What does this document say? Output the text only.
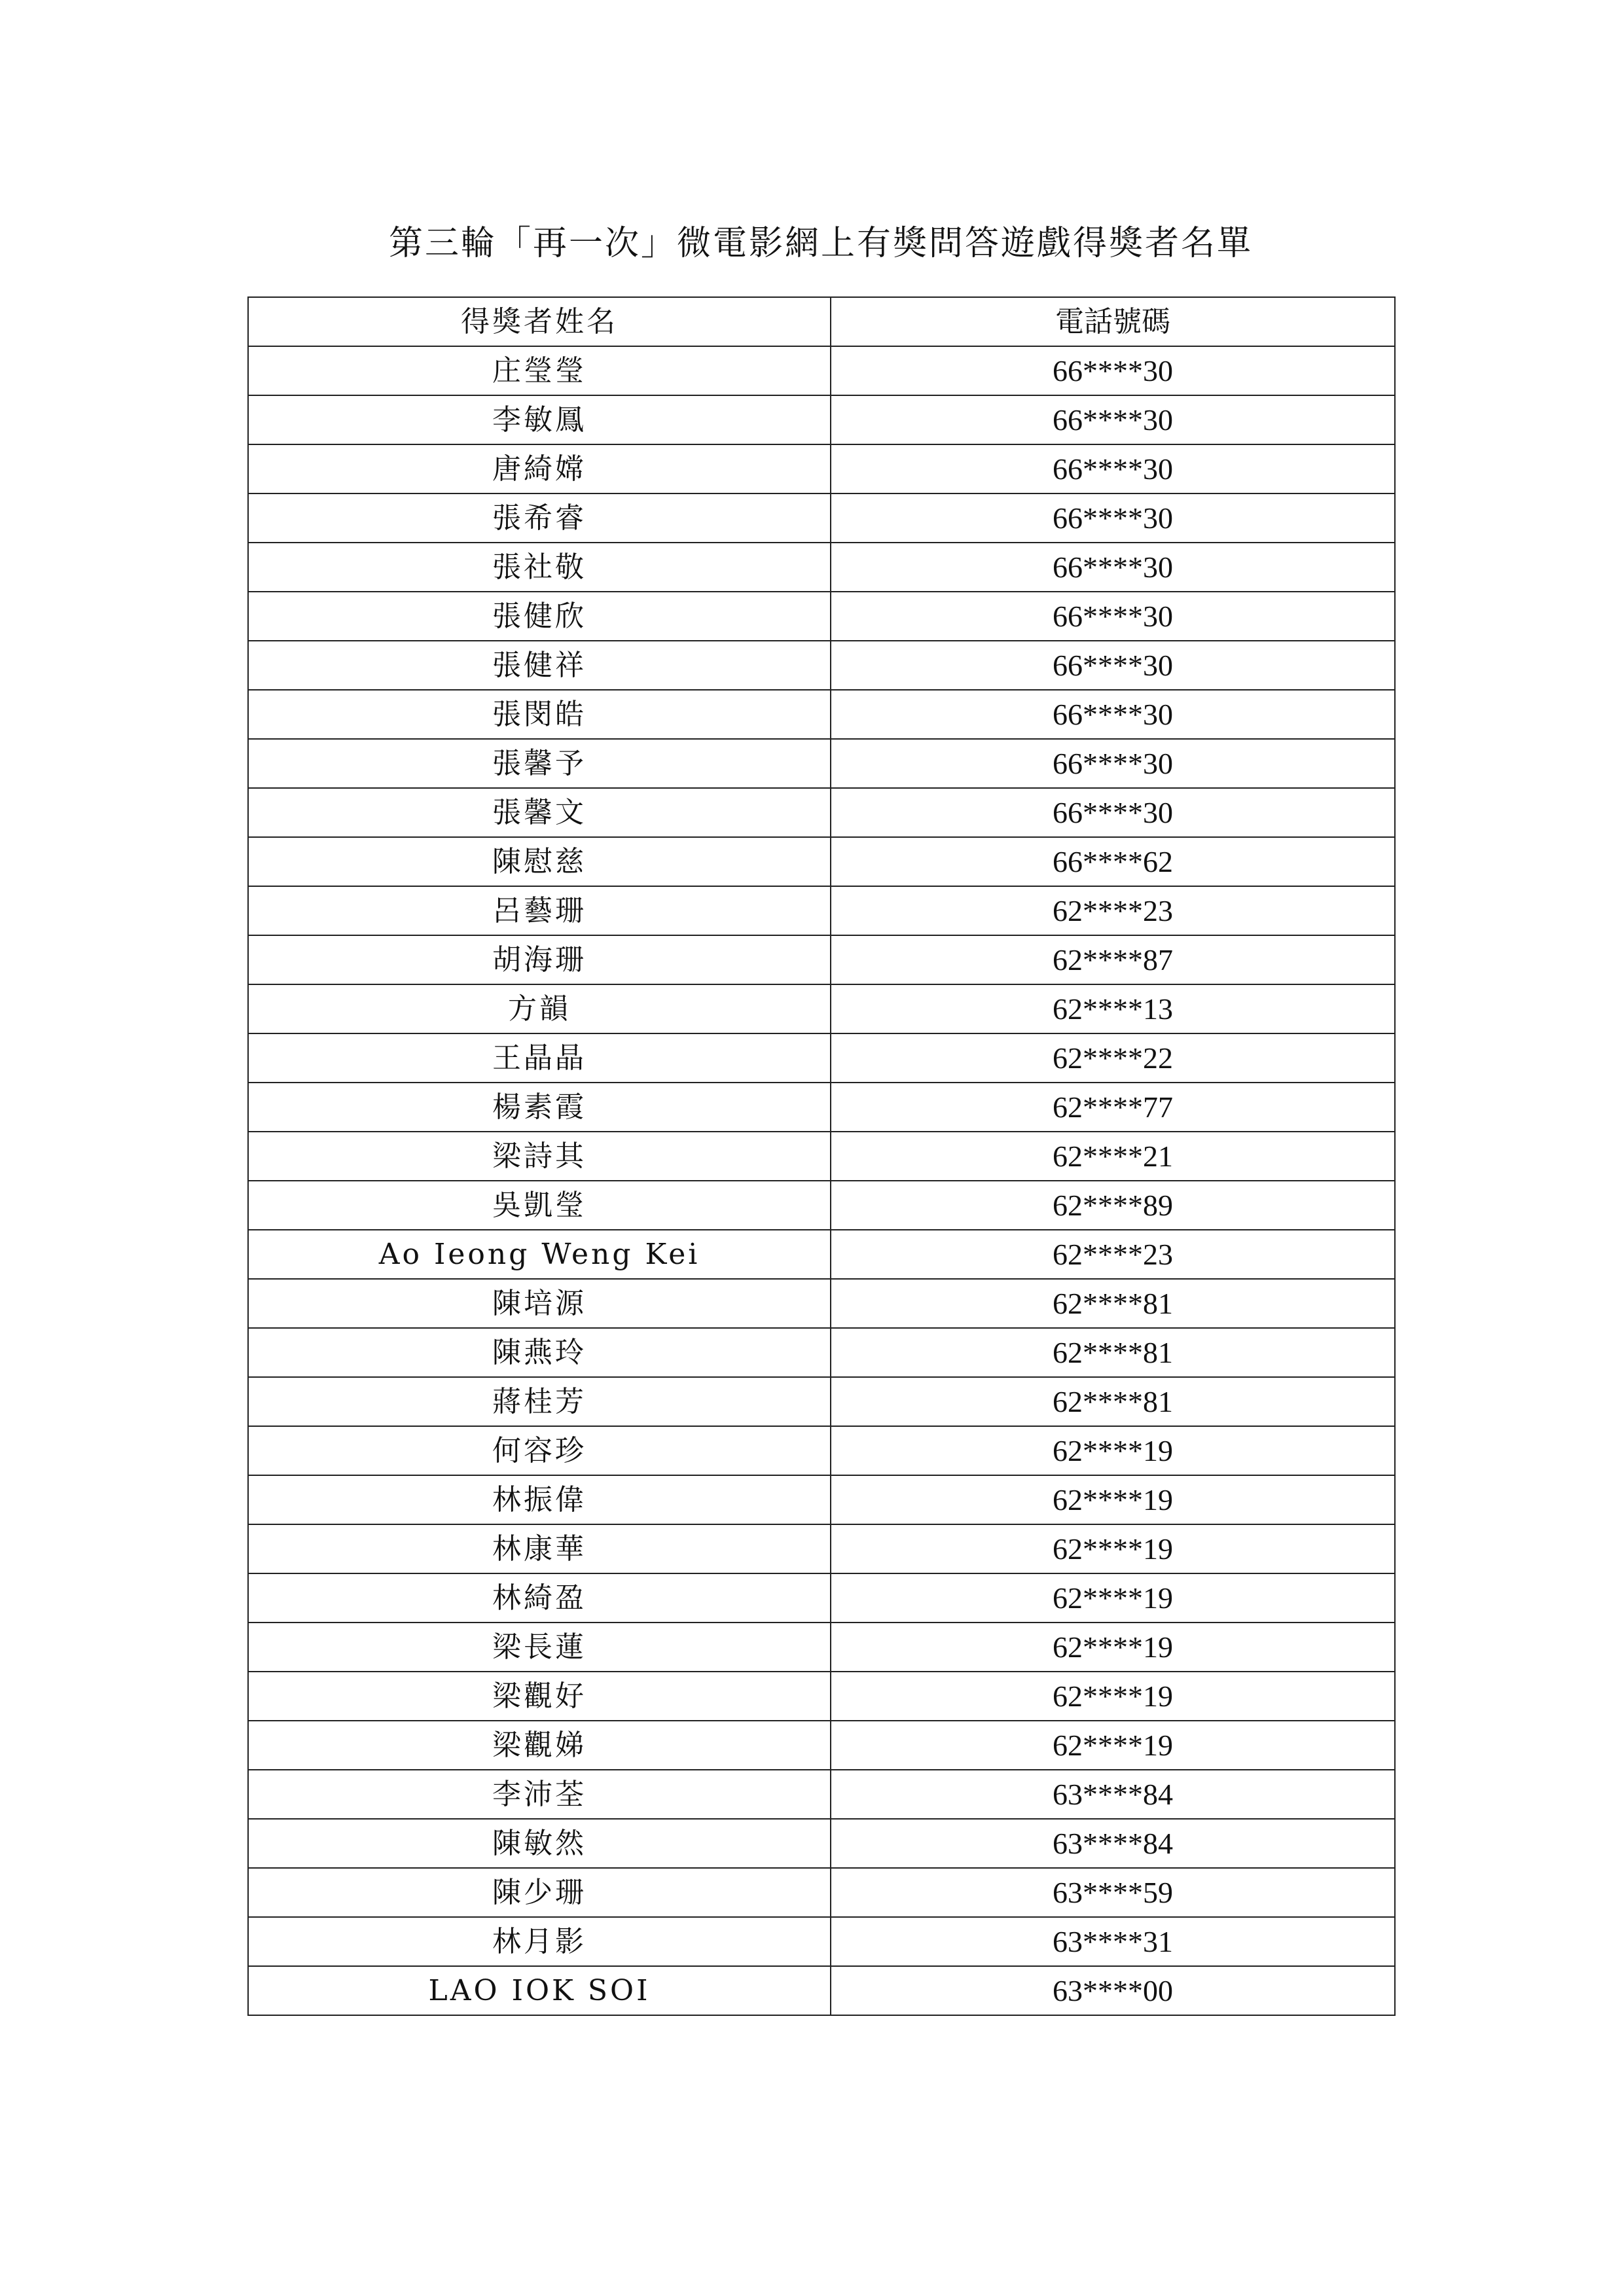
第三輪「再一次」微電影網上有獎問答遊戲得獎者名單
得獎者姓名	電話號碼
庄瑩瑩	66****30
李敏鳳	66****30
唐綺嫦	66****30
張希睿	66****30
張社敬	66****30
張健欣	66****30
張健祥	66****30
張閔皓	66****30
張馨予	66****30
張馨文	66****30
陳慰慈	66****62
呂藝珊	62****23
胡海珊	62****87
方韻	62****13
王晶晶	62****22
楊素霞	62****77
梁詩其	62****21
吳凱瑩	62****89
Ao Ieong Weng Kei	62****23
陳培源	62****81
陳燕玲	62****81
蔣桂芳	62****81
何容珍	62****19
林振偉	62****19
林康華	62****19
林綺盈	62****19
梁長蓮	62****19
梁觀好	62****19
梁觀娣	62****19
李沛荃	63****84
陳敏然	63****84
陳少珊	63****59
林月影	63****31
LAO IOK SOI	63****00
